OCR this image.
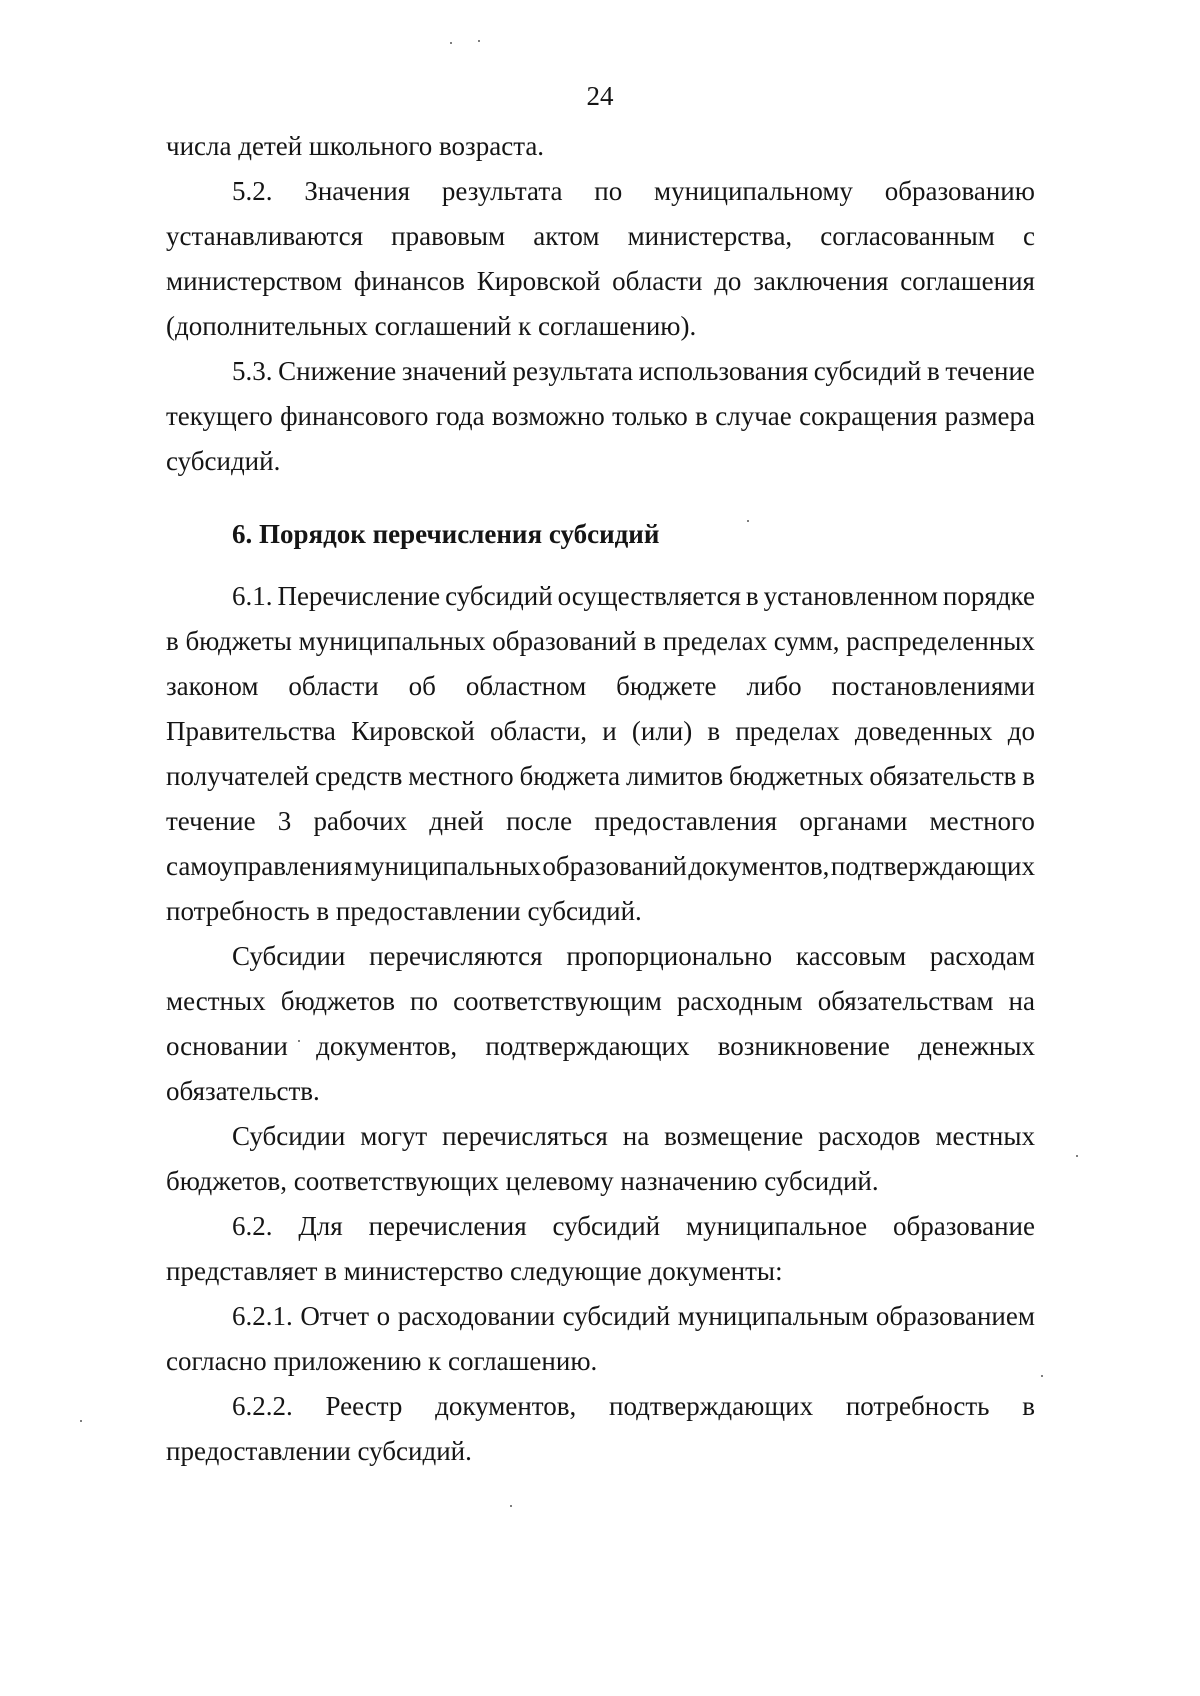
24
числа детей школьного возраста.
5.2. Значения результата по муниципальному образованию
устанавливаются правовым актом министерства, согласованным с
министерством финансов Кировской области до заключения соглашения
(дополнительных соглашений к соглашению).
5.3. Снижение значений результата использования субсидий в течение
текущего финансового года возможно только в случае сокращения размера
субсидий.
6. Порядок перечисления субсидий
6.1. Перечисление субсидий осуществляется в установленном порядке
в бюджеты муниципальных образований в пределах сумм, распределенных
законом области об областном бюджете либо постановлениями
Правительства Кировской области, и (или) в пределах доведенных до
получателей средств местного бюджета лимитов бюджетных обязательств в
течение 3 рабочих дней после предоставления органами местного
самоуправления муниципальных образований документов, подтверждающих
потребность в предоставлении субсидий.
Субсидии перечисляются пропорционально кассовым расходам
местных бюджетов по соответствующим расходным обязательствам на
основании документов, подтверждающих возникновение денежных
обязательств.
Субсидии могут перечисляться на возмещение расходов местных
бюджетов, соответствующих целевому назначению субсидий.
6.2. Для перечисления субсидий муниципальное образование
представляет в министерство следующие документы:
6.2.1. Отчет о расходовании субсидий муниципальным образованием
согласно приложению к соглашению.
6.2.2. Реестр документов, подтверждающих потребность в
предоставлении субсидий.
